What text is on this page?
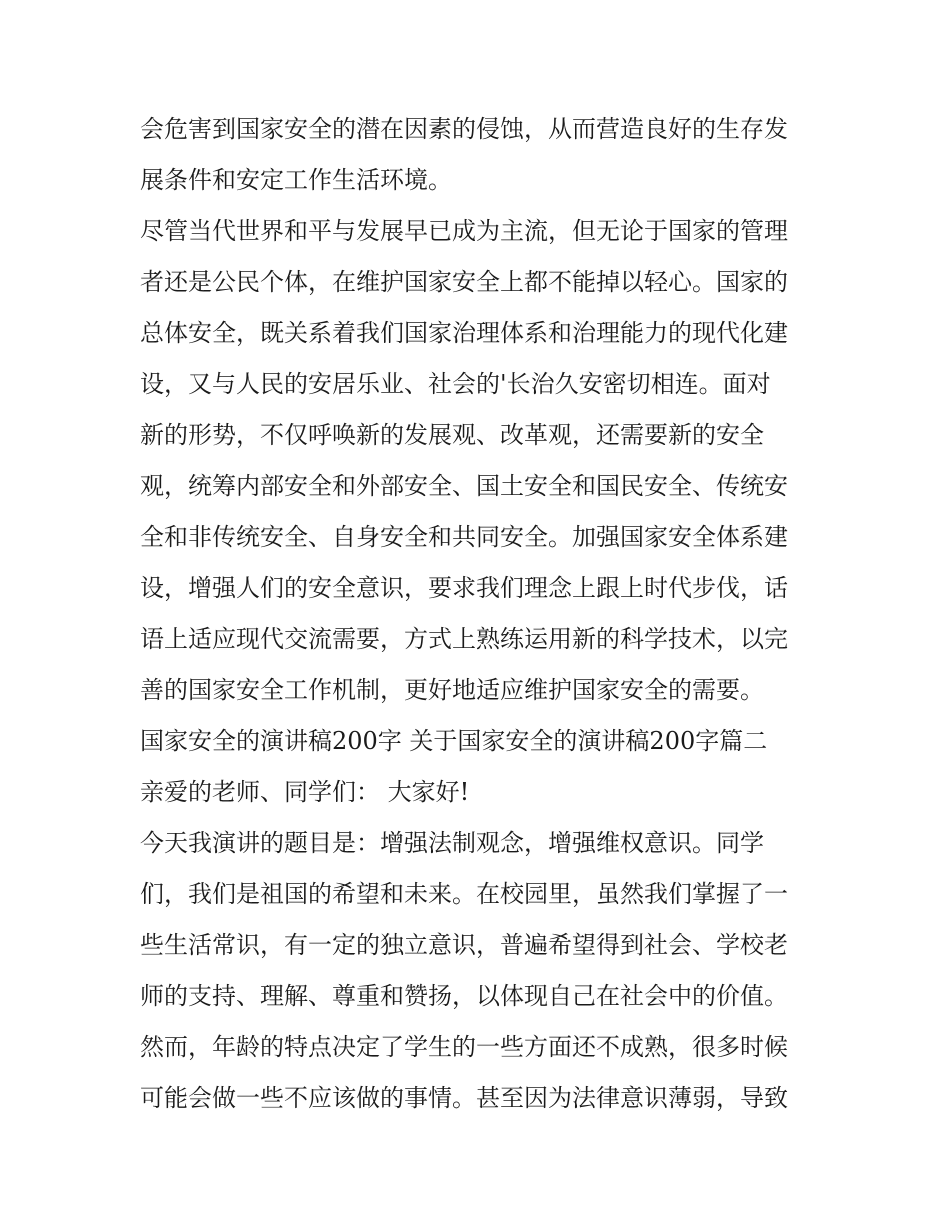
会危害到国家安全的潜在因素的侵蚀，从而营造良好的生存发
展条件和安定工作生活环境。
尽管当代世界和平与发展早已成为主流，但无论于国家的管理
者还是公民个体，在维护国家安全上都不能掉以轻心。国家的
总体安全，既关系着我们国家治理体系和治理能力的现代化建
设，又与人民的安居乐业、社会的'长治久安密切相连。面对
新的形势，不仅呼唤新的发展观、改革观，还需要新的安全
观，统筹内部安全和外部安全、国土安全和国民安全、传统安
全和非传统安全、自身安全和共同安全。加强国家安全体系建
设，增强人们的安全意识，要求我们理念上跟上时代步伐，话
语上适应现代交流需要，方式上熟练运用新的科学技术，以完
善的国家安全工作机制，更好地适应维护国家安全的需要。
国家安全的演讲稿200字 关于国家安全的演讲稿200字篇二
亲爱的老师、同学们： 大家好!
今天我演讲的题目是：增强法制观念，增强维权意识。同学
们，我们是祖国的希望和未来。在校园里，虽然我们掌握了一
些生活常识，有一定的独立意识，普遍希望得到社会、学校老
师的支持、理解、尊重和赞扬，以体现自己在社会中的价值。
然而，年龄的特点决定了学生的一些方面还不成熟，很多时候
可能会做一些不应该做的事情。甚至因为法律意识薄弱，导致
